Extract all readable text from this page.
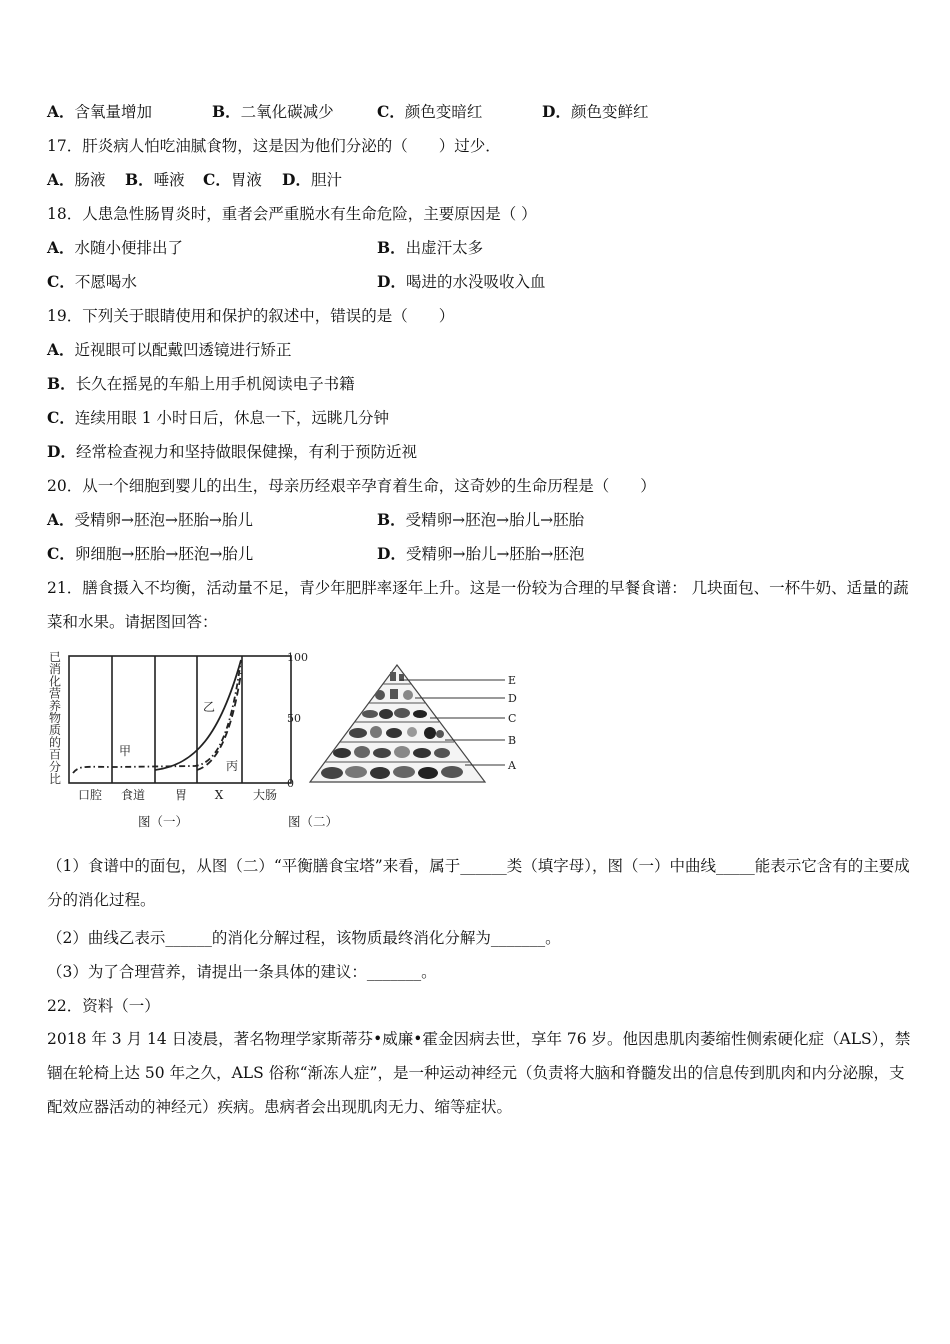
A．含氧量增加	B．二氧化碳减少	C．颜色变暗红	D．颜色变鲜红
17．肝炎病人怕吃油腻食物，这是因为他们分泌的（　　）过少．
A．肠液 B．唾液 C．胃液 D．胆汁
18．人患急性肠胃炎时，重者会严重脱水有生命危险，主要原因是（ ）
A．水随小便排出了	B．出虚汗太多
C．不愿喝水	D．喝进的水没吸收入血
19．下列关于眼睛使用和保护的叙述中，错误的是（　　）
A．近视眼可以配戴凹透镜进行矫正
B．长久在摇晃的车船上用手机阅读电子书籍
C．连续用眼 1 小时日后，休息一下，远眺几分钟
D．经常检查视力和坚持做眼保健操，有利于预防近视
20．从一个细胞到婴儿的出生，母亲历经艰辛孕育着生命，这奇妙的生命历程是（　　）
A．受精卵→胚泡→胚胎→胎儿	B．受精卵→胚泡→胎儿→胚胎
C．卵细胞→胚胎→胚泡→胎儿	D．受精卵→胎儿→胚胎→胚泡
21．膳食摄入不均衡，活动量不足，青少年肥胖率逐年上升。这是一份较为合理的早餐食谱： 几块面包、一杯牛奶、适量的蔬菜和水果。请据图回答：
已
消
化
营
养
物
质
的
百
分
比
甲
乙
丙
100
50
0
口腔 食道 胃 X 大肠
图（一）
E
D
C
B
A
图（二）
（1）食谱中的面包，从图（二）“平衡膳食宝塔”来看，属于______类（填字母），图（一）中曲线_____能表示它含有的主要成分的消化过程。
（2）曲线乙表示______的消化分解过程，该物质最终消化分解为_______。
（3）为了合理营养，请提出一条具体的建议：_______。
22．资料（一）
2018 年 3 月 14 日凌晨，著名物理学家斯蒂芬•威廉•霍金因病去世，享年 76 岁。他因患肌肉萎缩性侧索硬化症（ALS），禁锢在轮椅上达 50 年之久，ALS 俗称“渐冻人症”，是一种运动神经元（负责将大脑和脊髓发出的信息传到肌肉和内分泌腺，支配效应器活动的神经元）疾病。患病者会出现肌肉无力、缩等症状。
